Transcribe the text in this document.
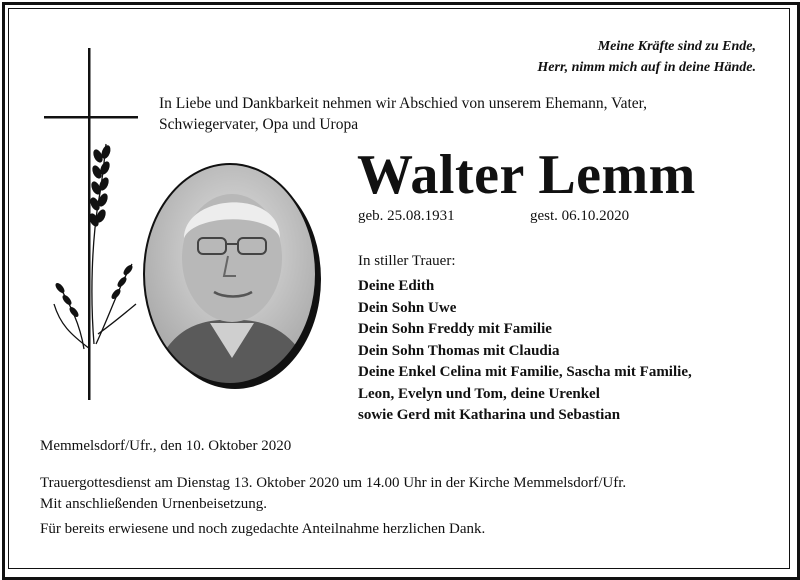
Meine Kräfte sind zu Ende,
Herr, nimm mich auf in deine Hände.
In Liebe und Dankbarkeit nehmen wir Abschied von unserem Ehemann, Vater,
Schwiegervater, Opa und Uropa
Walter Lemm
geb. 25.08.1931	gest. 06.10.2020
In stiller Trauer:
Deine Edith
Dein Sohn Uwe
Dein Sohn Freddy mit Familie
Dein Sohn Thomas mit Claudia
Deine Enkel Celina mit Familie, Sascha mit Familie,
Leon, Evelyn und Tom, deine Urenkel
sowie Gerd mit Katharina und Sebastian
Memmelsdorf/Ufr., den 10. Oktober 2020
Trauergottesdienst am Dienstag 13. Oktober 2020 um 14.00 Uhr in der Kirche Memmelsdorf/Ufr.
Mit anschließenden Urnenbeisetzung.
Für bereits erwiesene und noch zugedachte Anteilnahme herzlichen Dank.
